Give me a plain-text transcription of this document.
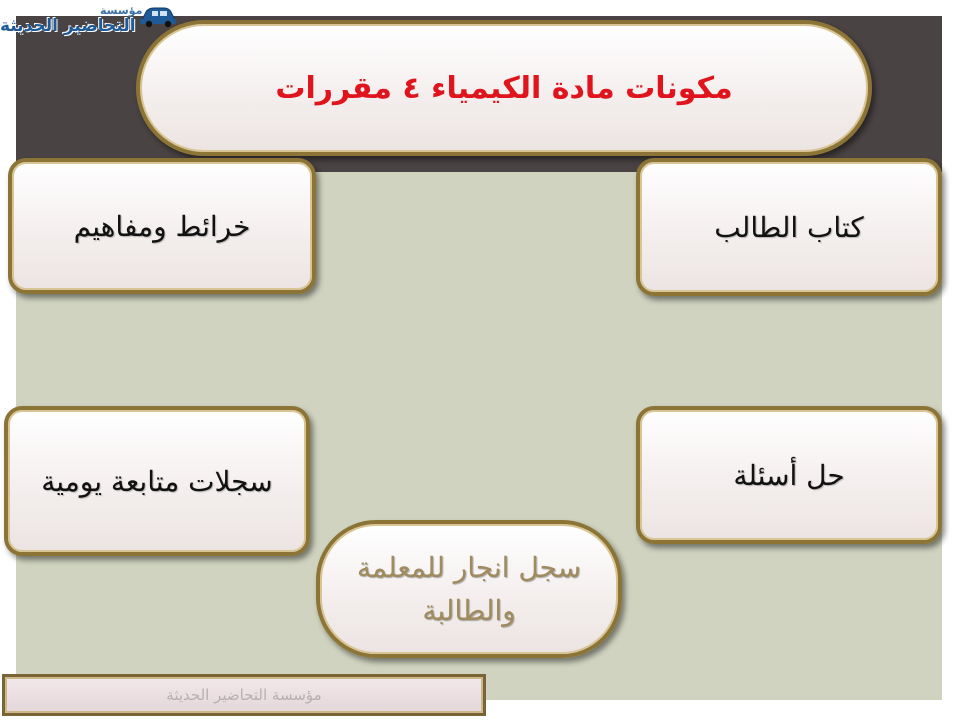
مؤسسة
التحاضير الحديثة
مكونات مادة الكيمياء ٤ مقررات
كتاب الطالب
خرائط ومفاهيم
حل أسئلة
سجلات متابعة يومية
سجل انجار للمعلمة
والطالبة
مؤسسة التحاضير الحديثة
